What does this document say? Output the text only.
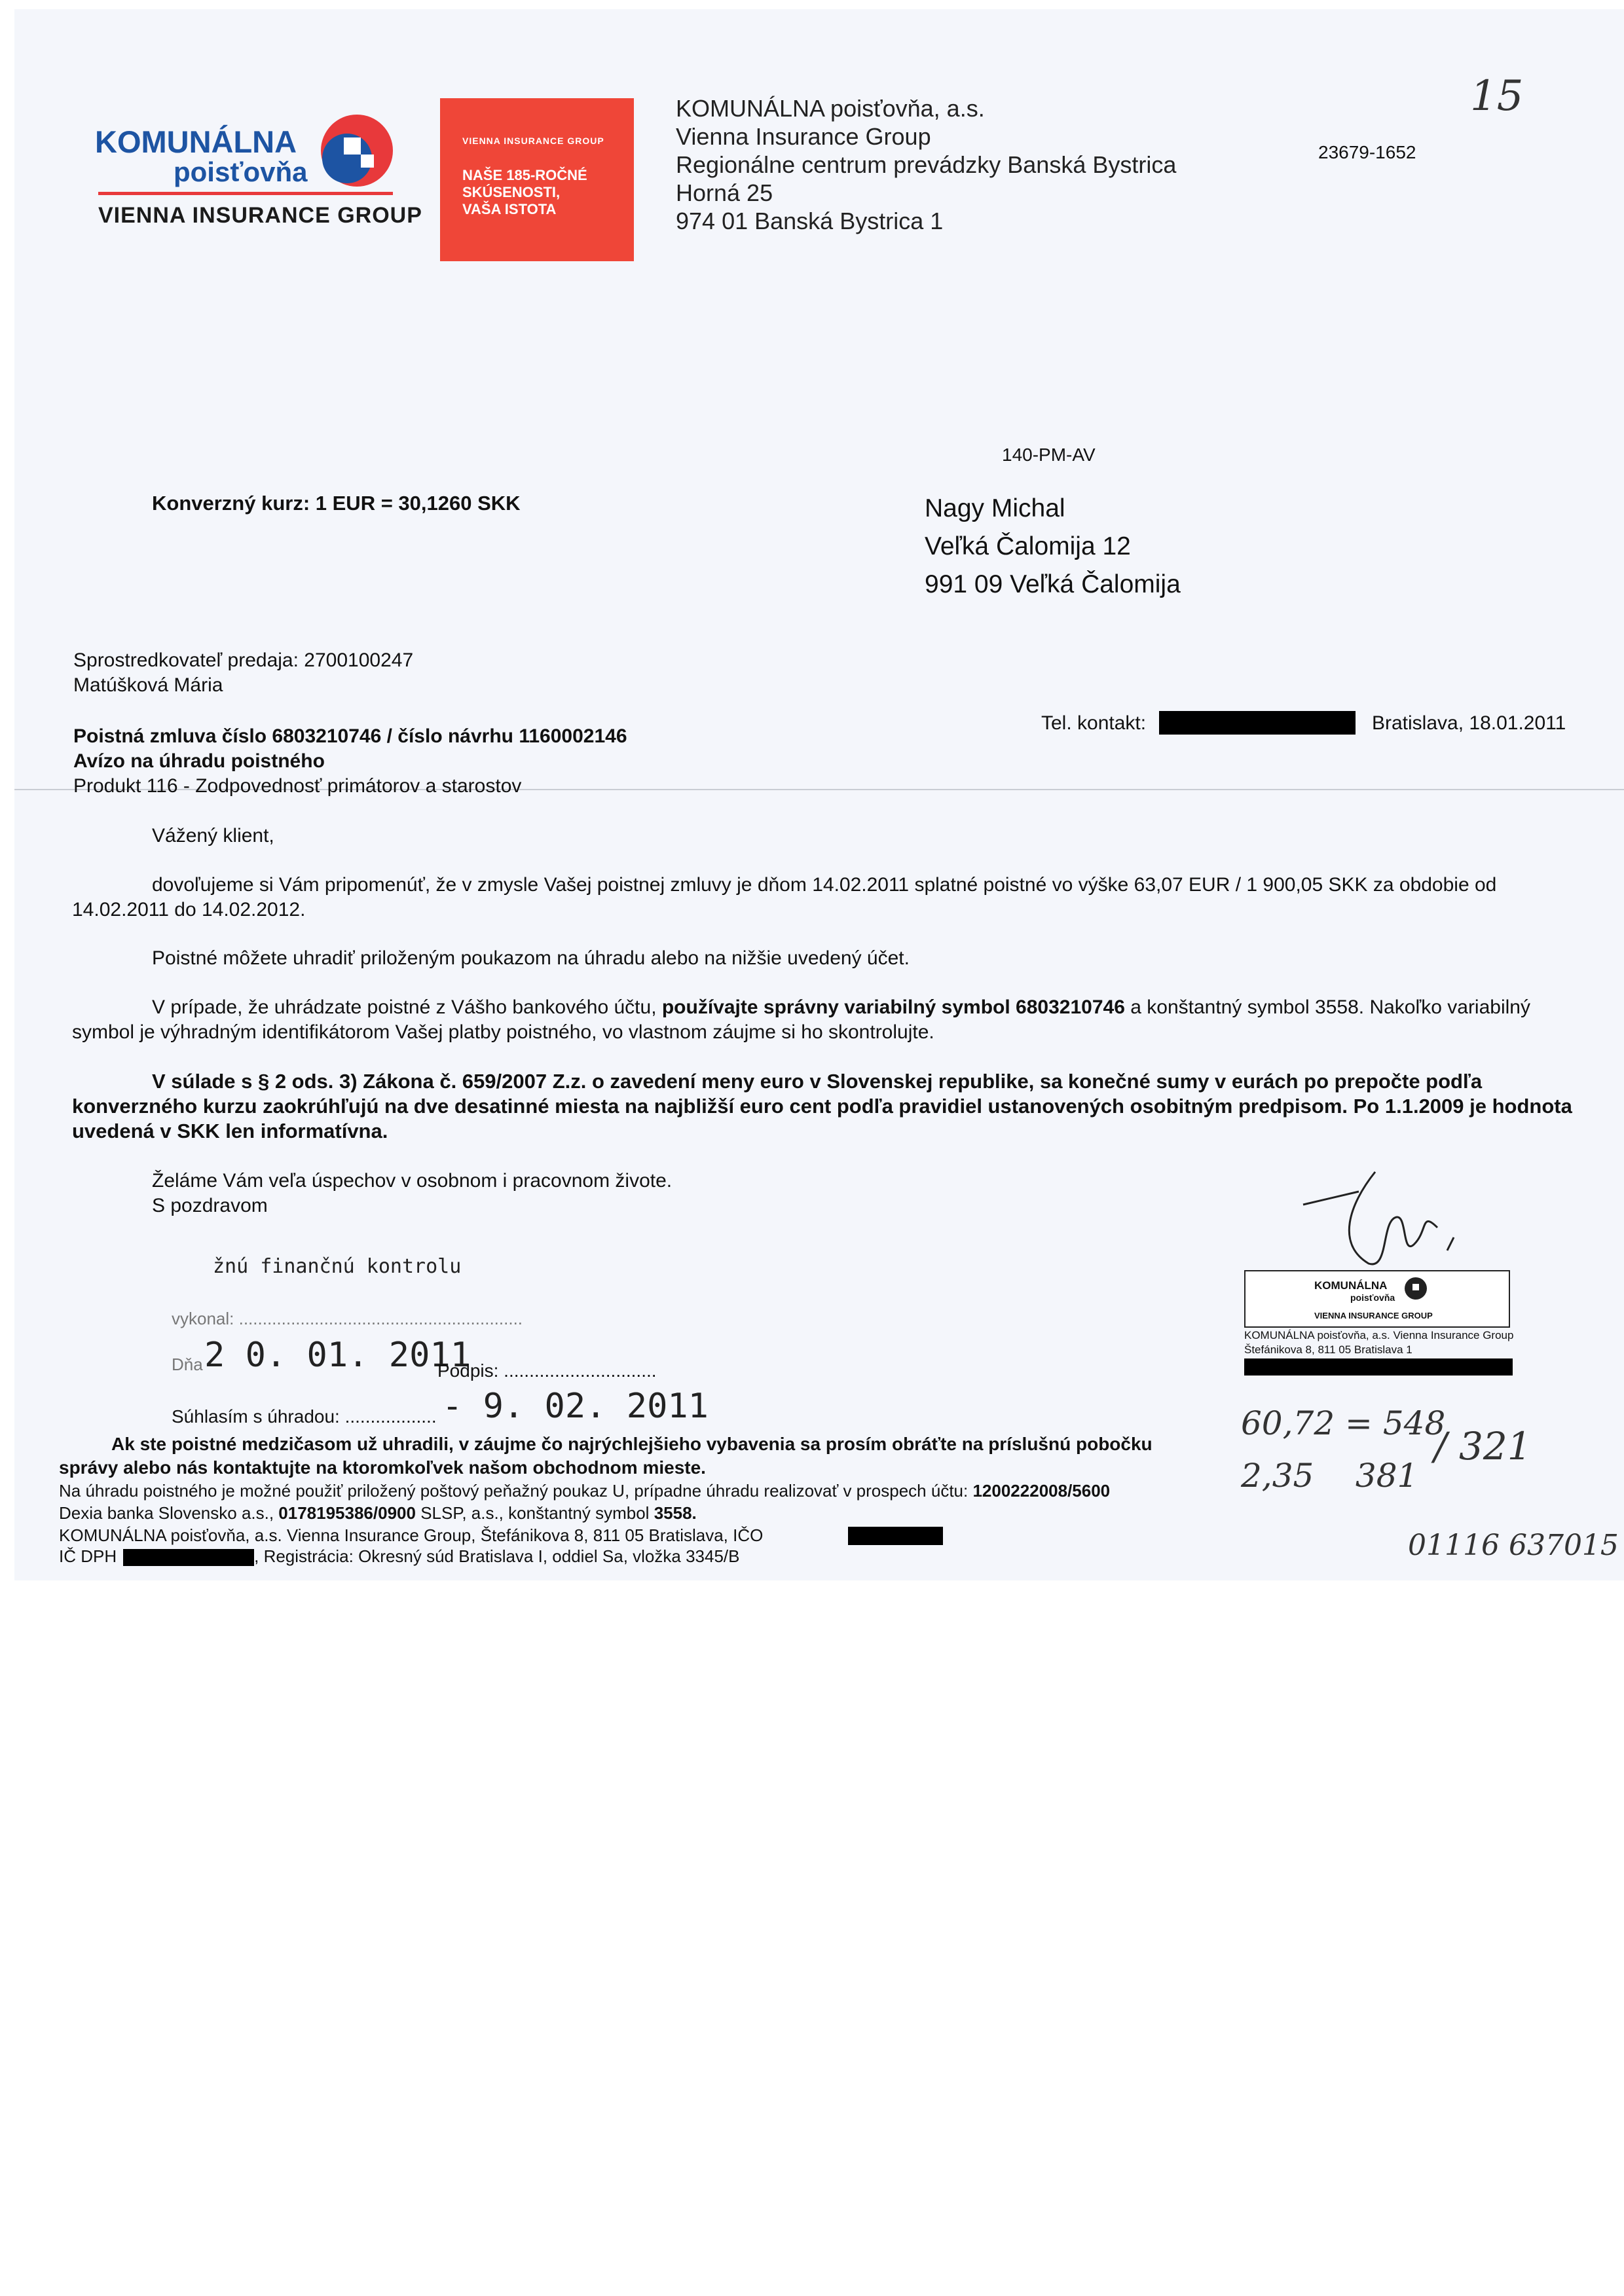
KOMUNÁLNA
poisťovňa
VIENNA INSURANCE GROUP
VIENNA INSURANCE GROUP
NAŠE 185-ROČNÉ
SKÚSENOSTI,
VAŠA ISTOTA
KOMUNÁLNA poisťovňa, a.s.
Vienna Insurance Group
Regionálne centrum prevádzky Banská Bystrica
Horná 25
974 01 Banská Bystrica 1
23679-1652
15
140-PM-AV
Konverzný kurz: 1 EUR = 30,1260 SKK	Nagy Michal
Veľká Čalomija 12
991 09 Veľká Čalomija
Sprostredkovateľ predaja: 2700100247
Matúšková Mária
Tel. kontakt:	Bratislava, 18.01.2011
Poistná zmluva číslo 6803210746 / číslo návrhu 1160002146
Avízo na úhradu poistného
Produkt 116 - Zodpovednosť primátorov a starostov
Vážený klient,
dovoľujeme si Vám pripomenúť, že v zmysle Vašej poistnej zmluvy je dňom 14.02.2011 splatné poistné vo výške 63,07 EUR / 1 900,05 SKK za obdobie od 14.02.2011 do 14.02.2012.
Poistné môžete uhradiť priloženým poukazom na úhradu alebo na nižšie uvedený účet.
V prípade, že uhrádzate poistné z Vášho bankového účtu, používajte správny variabilný symbol 6803210746 a konštantný symbol 3558. Nakoľko variabilný symbol je výhradným identifikátorom Vašej platby poistného, vo vlastnom záujme si ho skontrolujte.
V súlade s § 2 ods. 3) Zákona č. 659/2007 Z.z. o zavedení meny euro v Slovenskej republike, sa konečné sumy v eurách po prepočte podľa konverzného kurzu zaokrúhľujú na dve desatinné miesta na najbližší euro cent podľa pravidiel ustanovených osobitným predpisom. Po 1.1.2009 je hodnota uvedená v SKK len informatívna.
Želáme Vám veľa úspechov v osobnom i pracovnom živote.
S pozdravom
žnú finančnú kontrolu
vykonal: ............................................................
Dňa 2 0. 01. 2011
Podpis: ..............................
Súhlasím s úhradou: .................. - 9. 02. 2011
KOMUNÁLNA
poisťovňa
VIENNA INSURANCE GROUP
KOMUNÁLNA poisťovňa, a.s. Vienna Insurance Group
Štefánikova 8, 811 05 Bratislava 1
60,72 = 548
2,35    381
/ 321
01116 637015
Ak ste poistné medzičasom už uhradili, v záujme čo najrýchlejšieho vybavenia sa prosím obráťte na príslušnú pobočku
správy alebo nás kontaktujte na ktoromkoľvek našom obchodnom mieste.
Na úhradu poistného je možné použiť priložený poštový peňažný poukaz U, prípadne úhradu realizovať v prospech účtu: 1200222008/5600
Dexia banka Slovensko a.s., 0178195386/0900 SLSP, a.s., konštantný symbol 3558.
KOMUNÁLNA poisťovňa, a.s. Vienna Insurance Group, Štefánikova 8, 811 05 Bratislava, IČO
IČ DPH	, Registrácia: Okresný súd Bratislava I, oddiel Sa, vložka 3345/B
